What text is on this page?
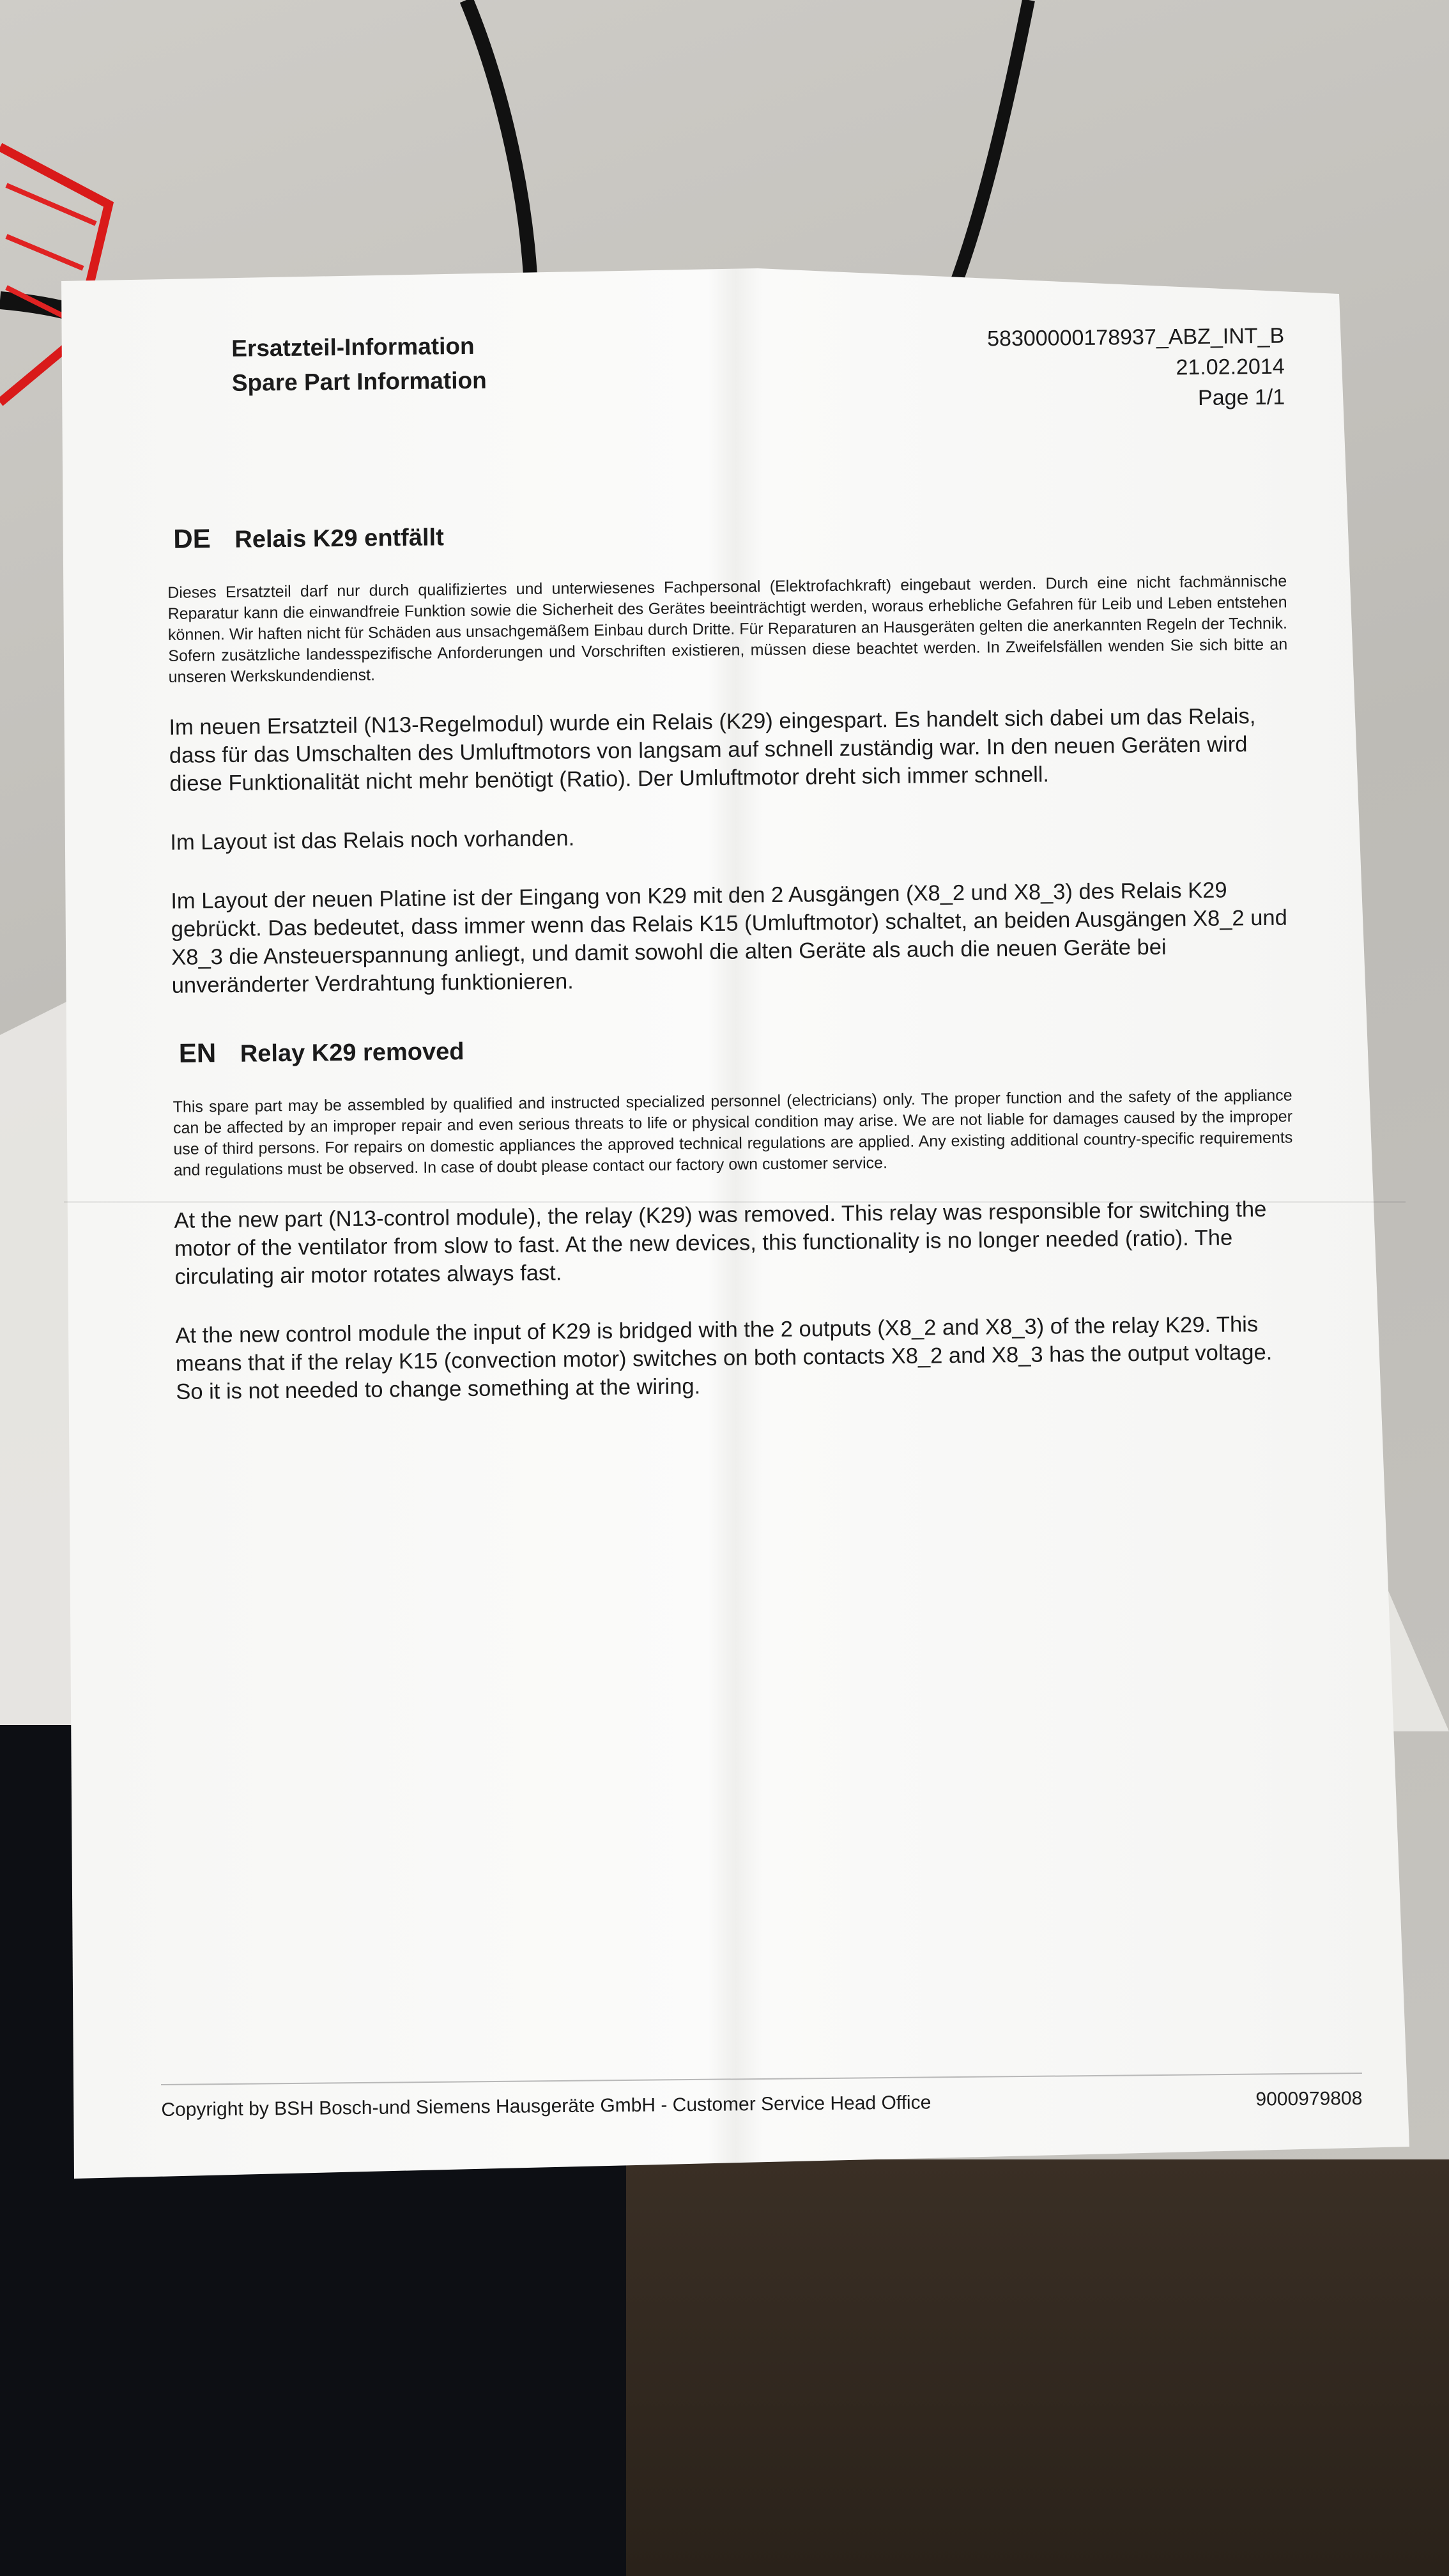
Ersatzteil-Information
Spare Part Information
58300000178937_ABZ_INT_B
21.02.2014
Page 1/1
DE Relais K29 entfällt

Dieses Ersatzteil darf nur durch qualifiziertes und unterwiesenes Fachpersonal (Elektrofachkraft) eingebaut werden. Durch eine nicht fachmännische Reparatur kann die einwandfreie Funktion sowie die Sicherheit des Gerätes beeinträchtigt werden, woraus erhebliche Gefahren für Leib und Leben entstehen können. Wir haften nicht für Schäden aus unsachgemäßem Einbau durch Dritte. Für Reparaturen an Hausgeräten gelten die anerkannten Regeln der Technik. Sofern zusätzliche landesspezifische Anforderungen und Vorschriften existieren, müssen diese beachtet werden. In Zweifelsfällen wenden Sie sich bitte an unseren Werkskundendienst.

Im neuen Ersatzteil (N13-Regelmodul) wurde ein Relais (K29) eingespart. Es handelt sich dabei um das Relais, dass für das Umschalten des Umluftmotors von langsam auf schnell zuständig war. In den neuen Geräten wird diese Funktionalität nicht mehr benötigt (Ratio). Der Umluftmotor dreht sich immer schnell.

Im Layout ist das Relais noch vorhanden.

Im Layout der neuen Platine ist der Eingang von K29 mit den 2 Ausgängen (X8_2 und X8_3) des Relais K29 gebrückt. Das bedeutet, dass immer wenn das Relais K15 (Umluftmotor) schaltet, an beiden Ausgängen X8_2 und X8_3 die Ansteuerspannung anliegt, und damit sowohl die alten Geräte als auch die neuen Geräte bei unveränderter Verdrahtung funktionieren.

EN Relay K29 removed

This spare part may be assembled by qualified and instructed specialized personnel (electricians) only. The proper function and the safety of the appliance can be affected by an improper repair and even serious threats to life or physical condition may arise. We are not liable for damages caused by the improper use of third persons. For repairs on domestic appliances the approved technical regulations are applied. Any existing additional country-specific requirements and regulations must be observed. In case of doubt please contact our factory own customer service.

At the new part (N13-control module), the relay (K29) was removed. This relay was responsible for switching the motor of the ventilator from slow to fast. At the new devices, this functionality is no longer needed (ratio). The circulating air motor rotates always fast.

At the new control module the input of K29 is bridged with the 2 outputs (X8_2 and X8_3) of the relay K29. This means that if the relay K15 (convection motor) switches on both contacts X8_2 and X8_3 has the output voltage. So it is not needed to change something at the wiring.

Copyright by BSH Bosch-und Siemens Hausgeräte GmbH - Customer Service Head Office	9000979808
